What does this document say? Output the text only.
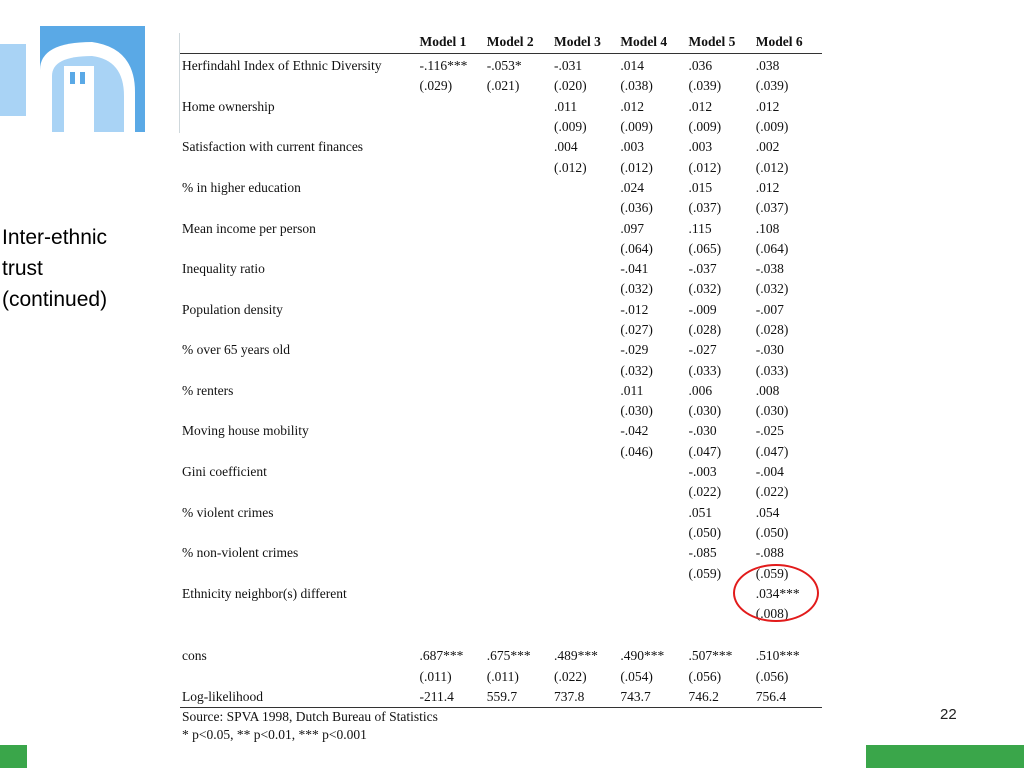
Inter-ethnic
trust
(continued)
	Model 1	Model 2	Model 3	Model 4	Model 5	Model 6
Herfindahl Index of Ethnic Diversity	-.116***	-.053*	-.031	.014	.036	.038
	(.029)	(.021)	(.020)	(.038)	(.039)	(.039)
Home ownership			.011	.012	.012	.012
			(.009)	(.009)	(.009)	(.009)
Satisfaction with current finances			.004	.003	.003	.002
			(.012)	(.012)	(.012)	(.012)
% in higher education				.024	.015	.012
				(.036)	(.037)	(.037)
Mean income per person				.097	.115	.108
				(.064)	(.065)	(.064)
Inequality ratio				-.041	-.037	-.038
				(.032)	(.032)	(.032)
Population density				-.012	-.009	-.007
				(.027)	(.028)	(.028)
% over 65 years old				-.029	-.027	-.030
				(.032)	(.033)	(.033)
% renters				.011	.006	.008
				(.030)	(.030)	(.030)
Moving house mobility				-.042	-.030	-.025
				(.046)	(.047)	(.047)
Gini coefficient					-.003	-.004
					(.022)	(.022)
% violent crimes					.051	.054
					(.050)	(.050)
% non-violent crimes					-.085	-.088
					(.059)	(.059)
Ethnicity neighbor(s) different						.034***
						(.008)

cons	.687***	.675***	.489***	.490***	.507***	.510***
	(.011)	(.011)	(.022)	(.054)	(.056)	(.056)
Log-likelihood	-211.4	559.7	737.8	743.7	746.2	756.4
Source: SPVA 1998, Dutch Bureau of Statistics
* p<0.05, ** p<0.01, *** p<0.001
22
